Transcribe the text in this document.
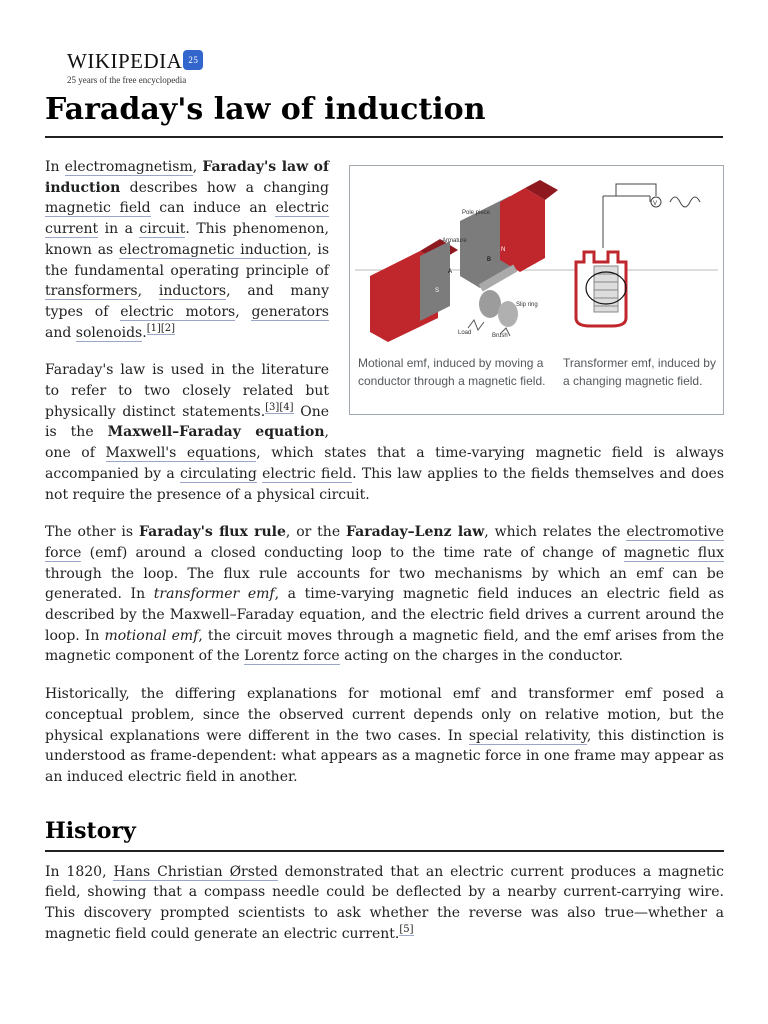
WIKIPEDIA 25
25 years of the free encyclopedia
Faraday's law of induction
Pole piece
Armature
Slip ring
Load	Brush
N
S
A
B
V
Motional emf, induced by moving a conductor through a magnetic field.
Transformer emf, induced by a changing magnetic field.

In electromagnetism, Faraday's law of induction describes how a changing magnetic field can induce an electric current in a circuit. This phenomenon, known as electromagnetic induction, is the fundamental operating principle of transformers, inductors, and many types of electric motors, generators and solenoids.[1][2]

Faraday's law is used in the literature to refer to two closely related but physically distinct statements.[3][4] One is the Maxwell–Faraday equation, one of Maxwell's equations, which states that a time-varying magnetic field is always accompanied by a circulating electric field. This law applies to the fields themselves and does not require the presence of a physical circuit.

The other is Faraday's flux rule, or the Faraday–Lenz law, which relates the electromotive force (emf) around a closed conducting loop to the time rate of change of magnetic flux through the loop. The flux rule accounts for two mechanisms by which an emf can be generated. In transformer emf, a time-varying magnetic field induces an electric field as described by the Maxwell–Faraday equation, and the electric field drives a current around the loop. In motional emf, the circuit moves through a magnetic field, and the emf arises from the magnetic component of the Lorentz force acting on the charges in the conductor.

Historically, the differing explanations for motional emf and transformer emf posed a conceptual problem, since the observed current depends only on relative motion, but the physical explanations were different in the two cases. In special relativity, this distinction is understood as frame-dependent: what appears as a magnetic force in one frame may appear as an induced electric field in another.

History

In 1820, Hans Christian Ørsted demonstrated that an electric current produces a magnetic field, showing that a compass needle could be deflected by a nearby current-carrying wire. This discovery prompted scientists to ask whether the reverse was also true—whether a magnetic field could generate an electric current.[5]
